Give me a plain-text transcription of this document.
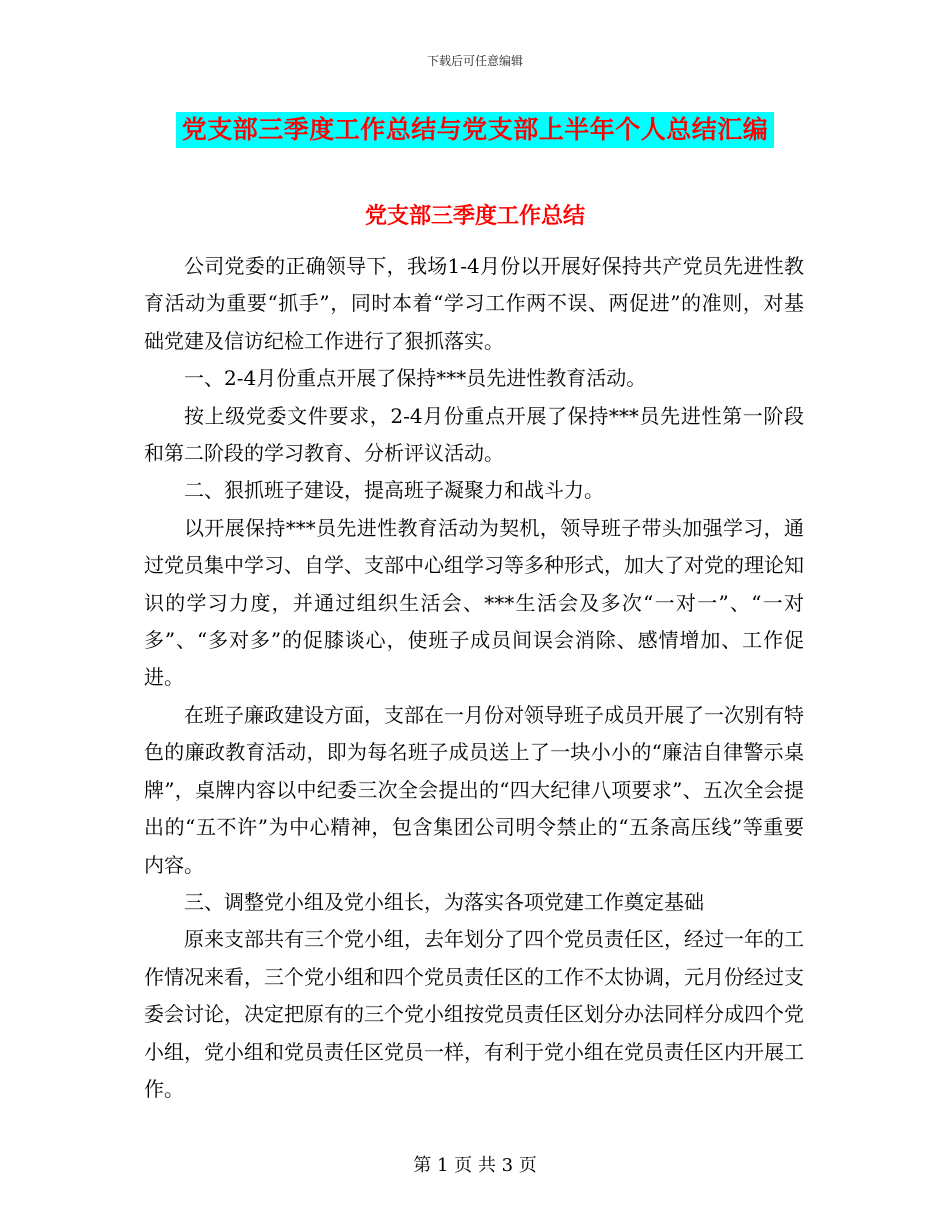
下载后可任意编辑
党支部三季度工作总结与党支部上半年个人总结汇编
党支部三季度工作总结

公司党委的正确领导下，我场1-4月份以开展好保持共产党员先进性教育活动为重要“抓手”，同时本着“学习工作两不误、两促进”的准则，对基础党建及信访纪检工作进行了狠抓落实。

一、2-4月份重点开展了保持***员先进性教育活动。

按上级党委文件要求，2-4月份重点开展了保持***员先进性第一阶段和第二阶段的学习教育、分析评议活动。

二、狠抓班子建设，提高班子凝聚力和战斗力。

以开展保持***员先进性教育活动为契机，领导班子带头加强学习，通过党员集中学习、自学、支部中心组学习等多种形式，加大了对党的理论知识的学习力度，并通过组织生活会、***生活会及多次“一对一”、“一对多”、“多对多”的促膝谈心，使班子成员间误会消除、感情增加、工作促进。

在班子廉政建设方面，支部在一月份对领导班子成员开展了一次别有特色的廉政教育活动，即为每名班子成员送上了一块小小的“廉洁自律警示桌牌”，桌牌内容以中纪委三次全会提出的“四大纪律八项要求”、五次全会提出的“五不许”为中心精神，包含集团公司明令禁止的“五条高压线”等重要内容。

三、调整党小组及党小组长，为落实各项党建工作奠定基础

原来支部共有三个党小组，去年划分了四个党员责任区，经过一年的工作情况来看，三个党小组和四个党员责任区的工作不太协调，元月份经过支委会讨论，决定把原有的三个党小组按党员责任区划分办法同样分成四个党小组，党小组和党员责任区党员一样，有利于党小组在党员责任区内开展工作。

第 1 页 共 3 页
